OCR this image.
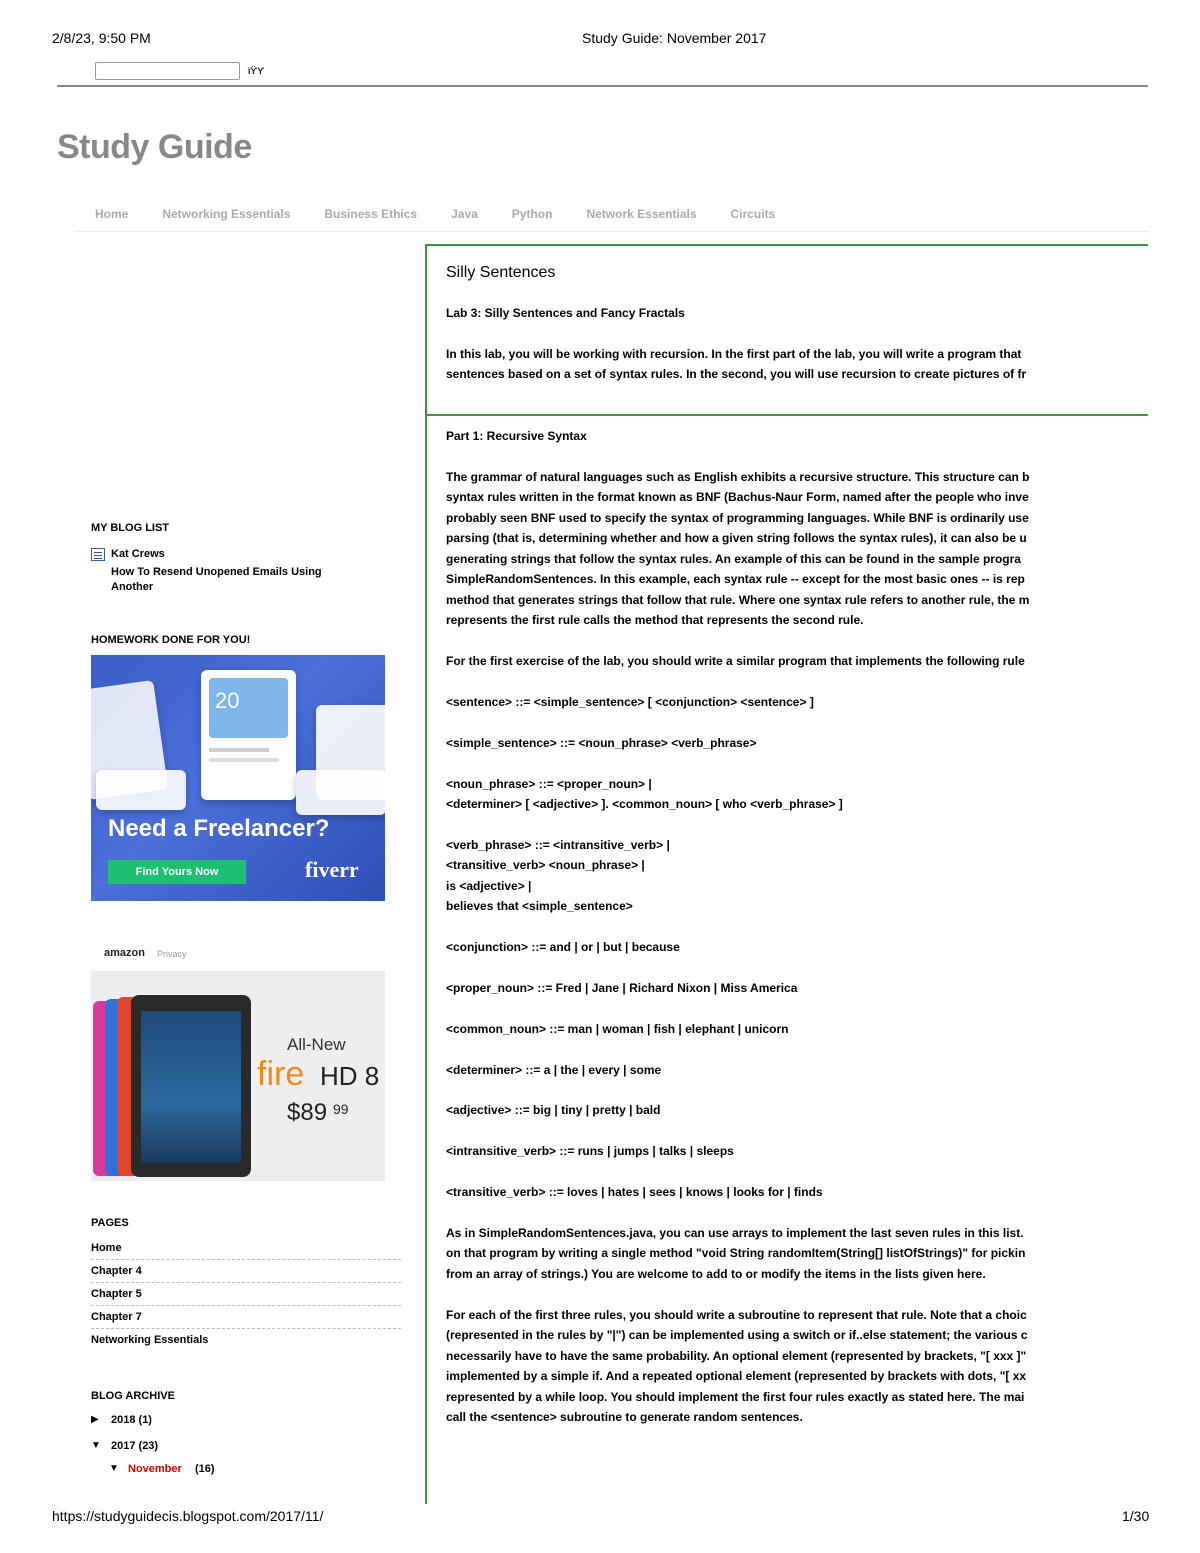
2/8/23, 9:50 PM	Study Guide: November 2017
ϊϔϒ
Study Guide
Home	Networking Essentials	Business Ethics	Java	Python	Network Essentials	Circuits
MY BLOG LIST
Kat Crews
How To Resend Unopened Emails Using
Another
HOMEWORK DONE FOR YOU!
20
Need a Freelancer?
Find Yours Now	fiverr
amazon Privacy
All-New
fire HD 8
$89 99
PAGES
Home
Chapter 4
Chapter 5
Chapter 7
Networking Essentials
BLOG ARCHIVE
▶ 2018 (1)
▼ 2017 (23)
▼ November (16)
Silly Sentences
Lab 3: Silly Sentences and Fancy Fractals
In this lab, you will be working with recursion. In the first part of the lab, you will write a program that
sentences based on a set of syntax rules. In the second, you will use recursion to create pictures of fr
Part 1: Recursive Syntax
The grammar of natural languages such as English exhibits a recursive structure. This structure can b
syntax rules written in the format known as BNF (Bachus-Naur Form, named after the people who inve
probably seen BNF used to specify the syntax of programming languages. While BNF is ordinarily use
parsing (that is, determining whether and how a given string follows the syntax rules), it can also be u
generating strings that follow the syntax rules. An example of this can be found in the sample progra
SimpleRandomSentences. In this example, each syntax rule -- except for the most basic ones -- is rep
method that generates strings that follow that rule. Where one syntax rule refers to another rule, the m
represents the first rule calls the method that represents the second rule.
For the first exercise of the lab, you should write a similar program that implements the following rule
<sentence> ::= <simple_sentence> [ <conjunction> <sentence> ]
<simple_sentence> ::= <noun_phrase> <verb_phrase>
<noun_phrase> ::= <proper_noun> |
<determiner> [ <adjective> ]. <common_noun> [ who <verb_phrase> ]
<verb_phrase> ::= <intransitive_verb> |
<transitive_verb> <noun_phrase> |
is <adjective> |
believes that <simple_sentence>
<conjunction> ::= and | or | but | because
<proper_noun> ::= Fred | Jane | Richard Nixon | Miss America
<common_noun> ::= man | woman | fish | elephant | unicorn
<determiner> ::= a | the | every | some
<adjective> ::= big | tiny | pretty | bald
<intransitive_verb> ::= runs | jumps | talks | sleeps
<transitive_verb> ::= loves | hates | sees | knows | looks for | finds
As in SimpleRandomSentences.java, you can use arrays to implement the last seven rules in this list.
on that program by writing a single method "void String randomItem(String[] listOfStrings)" for pickin
from an array of strings.) You are welcome to add to or modify the items in the lists given here.
For each of the first three rules, you should write a subroutine to represent that rule. Note that a choic
(represented in the rules by "|") can be implemented using a switch or if..else statement; the various c
necessarily have to have the same probability. An optional element (represented by brackets, "[ xxx ]"
implemented by a simple if. And a repeated optional element (represented by brackets with dots, "[ xx
represented by a while loop. You should implement the first four rules exactly as stated here. The mai
call the <sentence> subroutine to generate random sentences.
https://studyguidecis.blogspot.com/2017/11/	1/30
